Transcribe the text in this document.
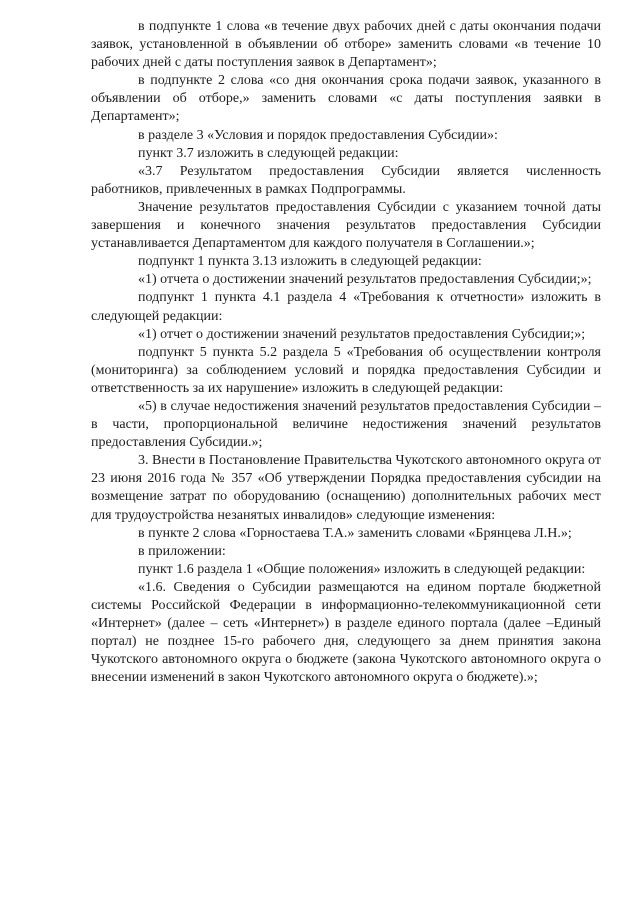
в подпункте 1 слова «в течение двух рабочих дней с даты окончания подачи заявок, установленной в объявлении об отборе» заменить словами «в течение 10 рабочих дней с даты поступления заявок в Департамент»;

в подпункте 2 слова «со дня окончания срока подачи заявок, указанного в объявлении об отборе,» заменить словами «с даты поступления заявки в Департамент»;

в разделе 3 «Условия и порядок предоставления Субсидии»:

пункт 3.7 изложить в следующей редакции:

«3.7 Результатом предоставления Субсидии является численность работников, привлеченных в рамках Подпрограммы.

Значение результатов предоставления Субсидии с указанием точной даты завершения и конечного значения результатов предоставления Субсидии устанавливается Департаментом для каждого получателя в Соглашении.»;

подпункт 1 пункта 3.13 изложить в следующей редакции:

«1) отчета о достижении значений результатов предоставления Субсидии;»;

подпункт 1 пункта 4.1 раздела 4 «Требования к отчетности» изложить в следующей редакции:

«1) отчет о достижении значений результатов предоставления Субсидии;»;

подпункт 5 пункта 5.2 раздела 5 «Требования об осуществлении контроля (мониторинга) за соблюдением условий и порядка предоставления Субсидии и ответственность за их нарушение» изложить в следующей редакции:

«5) в случае недостижения значений результатов предоставления Субсидии – в части, пропорциональной величине недостижения значений результатов предоставления Субсидии.»;

3. Внести в Постановление Правительства Чукотского автономного округа от 23 июня 2016 года № 357 «Об утверждении Порядка предоставления субсидии на возмещение затрат по оборудованию (оснащению) дополнительных рабочих мест для трудоустройства незанятых инвалидов» следующие изменения:

в пункте 2 слова «Горностаева Т.А.» заменить словами «Брянцева Л.Н.»;

в приложении:

пункт 1.6 раздела 1 «Общие положения» изложить в следующей редакции:

«1.6. Сведения о Субсидии размещаются на едином портале бюджетной системы Российской Федерации в информационно-телекоммуникационной сети «Интернет» (далее – сеть «Интернет») в разделе единого портала (далее –Единый портал) не позднее 15-го рабочего дня, следующего за днем принятия закона Чукотского автономного округа о бюджете (закона Чукотского автономного округа о внесении изменений в закон Чукотского автономного округа о бюджете).»;
